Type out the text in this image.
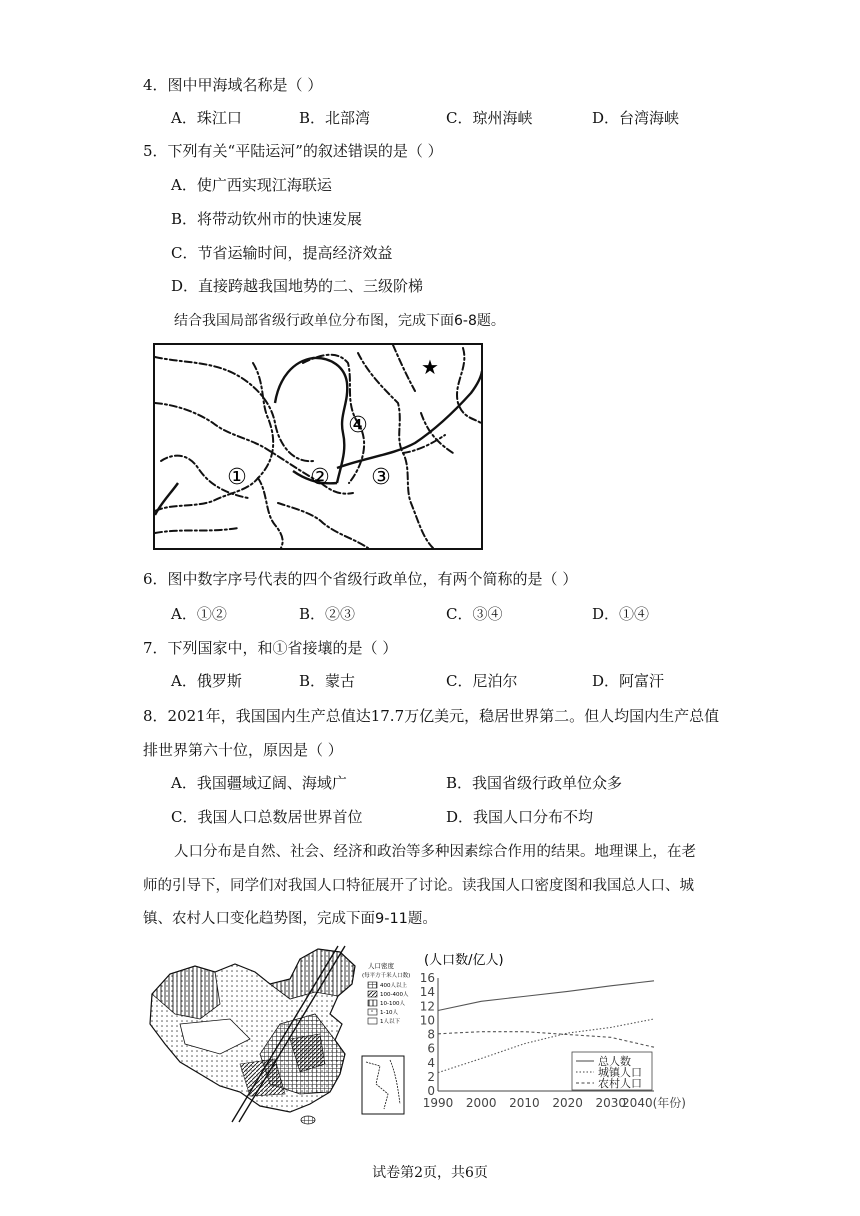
4．图中甲海域名称是（ ）
A．珠江口	B．北部湾	C．琼州海峡	D．台湾海峡
5．下列有关“平陆运河”的叙述错误的是（ ）
A．使广西实现江海联运
B．将带动钦州市的快速发展
C．节省运输时间，提高经济效益
D．直接跨越我国地势的二、三级阶梯
结合我国局部省级行政单位分布图，完成下面6-8题。
★
①	② ③
④
6．图中数字序号代表的四个省级行政单位，有两个简称的是（ ）
A．①②	B．②③	C．③④	D．①④
7．下列国家中，和①省接壤的是（ ）
A．俄罗斯	B．蒙古	C．尼泊尔	D．阿富汗
8．2021年，我国国内生产总值达17.7万亿美元，稳居世界第二。但人均国内生产总值
排世界第六十位，原因是（ ）
A．我国疆域辽阔、海域广	B．我国省级行政单位众多
C．我国人口总数居世界首位	D．我国人口分布不均
人口分布是自然、社会、经济和政治等多种因素综合作用的结果。地理课上，在老
师的引导下，同学们对我国人口特征展开了讨论。读我国人口密度图和我国总人口、城
镇、农村人口变化趋势图，完成下面9-11题。
人口密度
(每平方千米人口数)
400人以上
100-400人
10-100人
1-10人
1人以下
(人口数/亿人)
0
2
4
6
8
10
12
14
16
1990 2000 2010 2020 2030
2040(年份)
总人数
城镇人口
农村人口
试卷第2页，共6页
